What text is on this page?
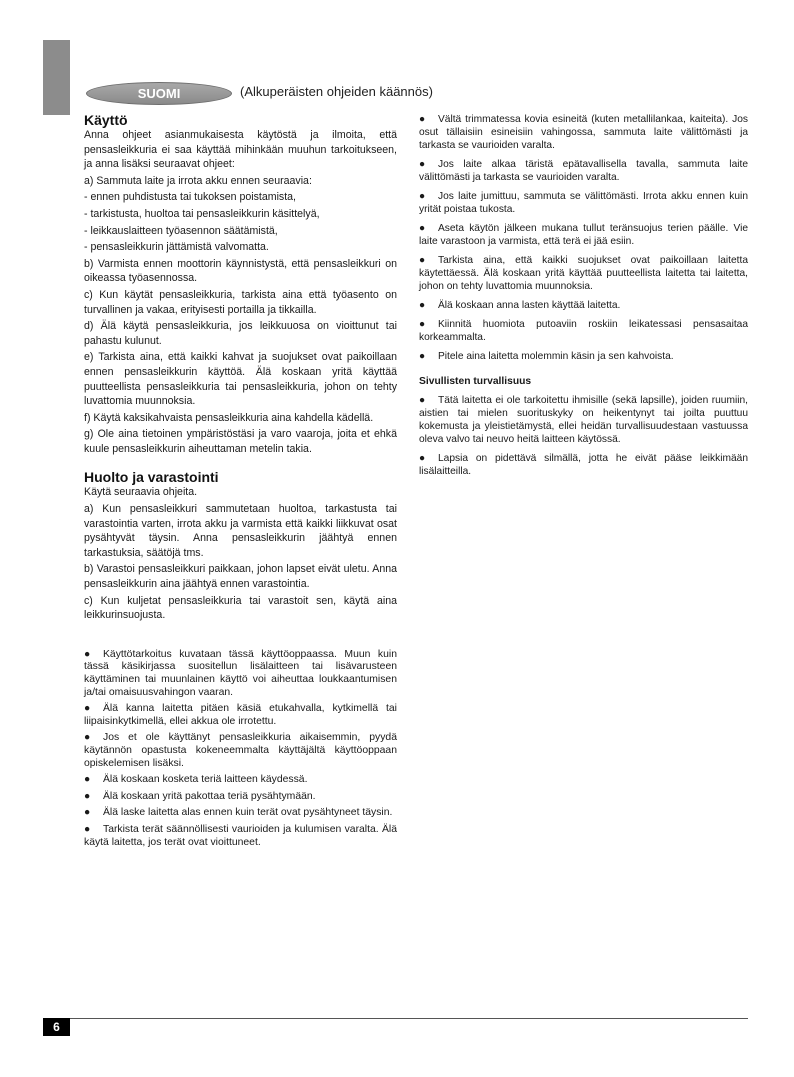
SUOMI	(Alkuperäisten ohjeiden käännös)
Käyttö

Anna ohjeet asianmukaisesta käytöstä ja ilmoita, että pensasleikkuria ei saa käyttää mihinkään muuhun tarkoitukseen, ja anna lisäksi seuraavat ohjeet:

a) Sammuta laite ja irrota akku ennen seuraavia:

- ennen puhdistusta tai tukoksen poistamista,

- tarkistusta, huoltoa tai pensasleikkurin käsittelyä,

- leikkauslaitteen työasennon säätämistä,

- pensasleikkurin jättämistä valvomatta.

b) Varmista ennen moottorin käynnistystä, että pensasleikkuri on oikeassa työasennossa.

c) Kun käytät pensasleikkuria, tarkista aina että työasento on turvallinen ja vakaa, erityisesti portailla ja tikkailla.

d) Älä käytä pensasleikkuria, jos leikkuuosa on vioittunut tai pahastu kulunut.

e) Tarkista aina, että kaikki kahvat ja suojukset ovat paikoillaan ennen pensasleikkurin käyttöä. Älä koskaan yritä käyttää puutteellista pensasleikkuria tai pensasleikkuria, johon on tehty luvattomia muunnoksia.

f) Käytä kaksikahvaista pensasleikkuria aina kahdella kädellä.

g) Ole aina tietoinen ympäristöstäsi ja varo vaaroja, joita et ehkä kuule pensasleikkurin aiheuttaman metelin takia.

Huolto ja varastointi

Käytä seuraavia ohjeita.

a) Kun pensasleikkuri sammutetaan huoltoa, tarkastusta tai varastointia varten, irrota akku ja varmista että kaikki liikkuvat osat pysähtyvät täysin. Anna pensasleikkurin jäähtyä ennen tarkastuksia, säätöjä tms.

b) Varastoi pensasleikkuri paikkaan, johon lapset eivät uletu. Anna pensasleikkurin aina jäähtyä ennen varastointia.

c) Kun kuljetat pensasleikkuria tai varastoit sen, käytä aina leikkurinsuojusta.

● Käyttötarkoitus kuvataan tässä käyttöoppaassa. Muun kuin tässä käsikirjassa suositellun lisälaitteen tai lisävarusteen käyttäminen tai muunlainen käyttö voi aiheuttaa loukkaantumisen ja/tai omaisuusvahingon vaaran.

● Älä kanna laitetta pitäen käsiä etukahvalla, kytkimellä tai liipaisinkytkimellä, ellei akkua ole irrotettu.

● Jos et ole käyttänyt pensasleikkuria aikaisemmin, pyydä käytännön opastusta kokeneemmalta käyttäjältä käyttöoppaan opiskelemisen lisäksi.

● Älä koskaan kosketa teriä laitteen käydessä.

● Älä koskaan yritä pakottaa teriä pysähtymään.

● Älä laske laitetta alas ennen kuin terät ovat pysähtyneet täysin.

● Tarkista terät säännöllisesti vaurioiden ja kulumisen varalta. Älä käytä laitetta, jos terät ovat vioittuneet.

● Vältä trimmatessa kovia esineitä (kuten metallilankaa, kaiteita). Jos osut tällaisiin esineisiin vahingossa, sammuta laite välittömästi ja tarkasta se vaurioiden varalta.

● Jos laite alkaa täristä epätavallisella tavalla, sammuta laite välittömästi ja tarkasta se vaurioiden varalta.

● Jos laite jumittuu, sammuta se välittömästi. Irrota akku ennen kuin yrität poistaa tukosta.

● Aseta käytön jälkeen mukana tullut teränsuojus terien päälle. Vie laite varastoon ja varmista, että terä ei jää esiin.

● Tarkista aina, että kaikki suojukset ovat paikoillaan laitetta käytettäessä. Älä koskaan yritä käyttää puutteellista laitetta tai laitetta, johon on tehty luvattomia muunnoksia.

● Älä koskaan anna lasten käyttää laitetta.

● Kiinnitä huomiota putoaviin roskiin leikatessasi pensasaitaa korkeammalta.

● Pitele aina laitetta molemmin käsin ja sen kahvoista.

Sivullisten turvallisuus

● Tätä laitetta ei ole tarkoitettu ihmisille (sekä lapsille), joiden ruumiin, aistien tai mielen suorituskyky on heikentynyt tai joilta puuttuu kokemusta ja yleistietämystä, ellei heidän turvallisuudestaan vastuussa oleva valvo tai neuvo heitä laitteen käytössä.

● Lapsia on pidettävä silmällä, jotta he eivät pääse leikkimään lisälaitteilla.

6
